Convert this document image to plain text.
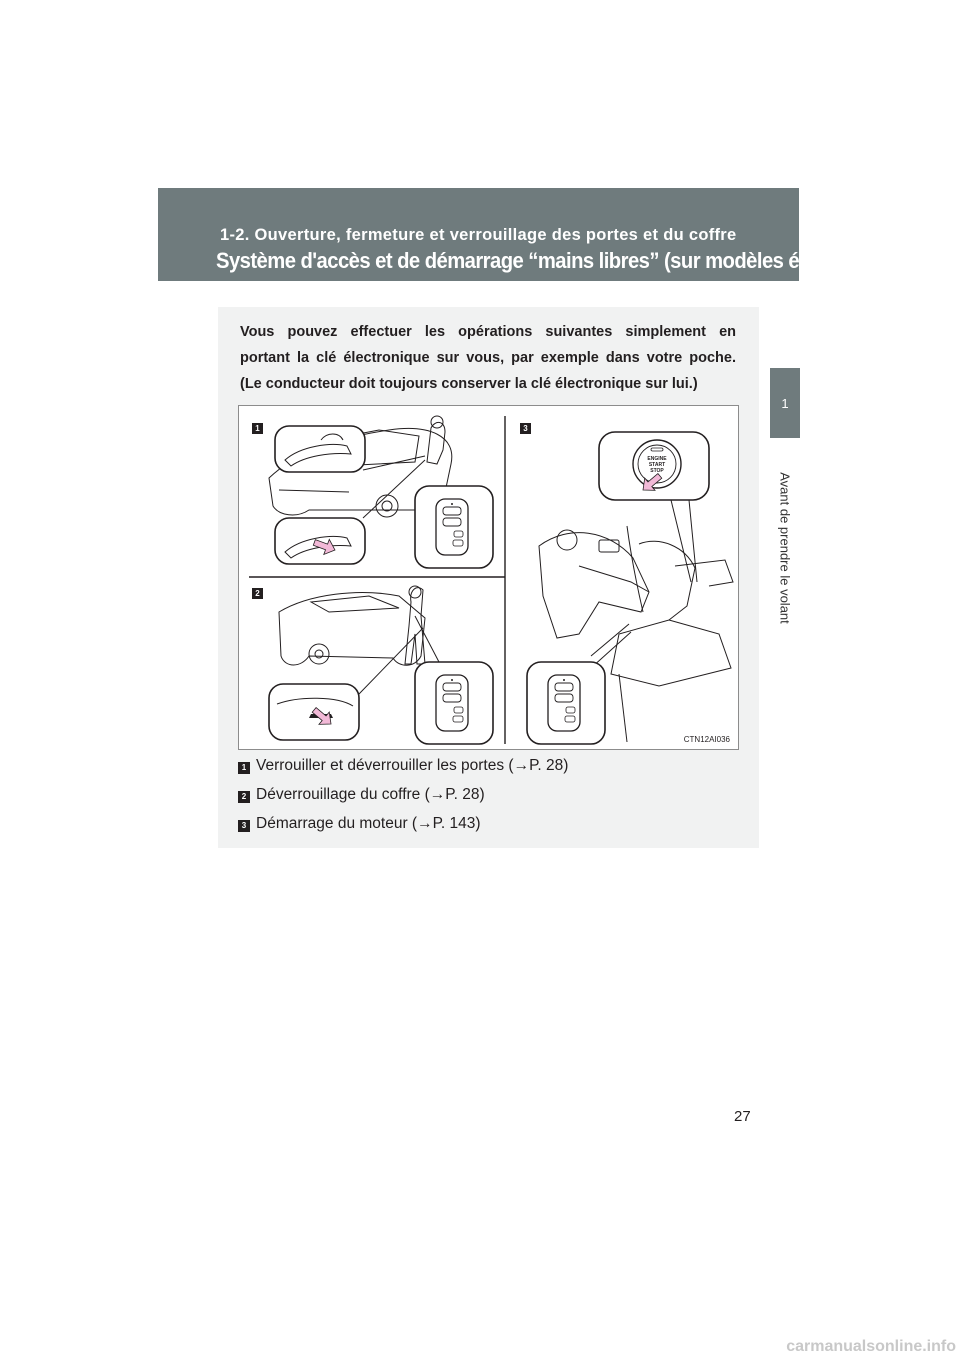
1-2. Ouverture, fermeture et verrouillage des portes et du coffre
Système d'accès et de démarrage “mains libres” (sur modèles équipés)
1
Avant de prendre le volant

Vous pouvez effectuer les opérations suivantes simplement en
portant la clé électronique sur vous, par exemple dans votre poche.
(Le conducteur doit toujours conserver la clé électronique sur lui.)

ENGINE
START
STOP
1
2
3
CTN12AI036
1 Verrouiller et déverrouiller les portes (→P. 28)
2 Déverrouillage du coffre (→P. 28)
3 Démarrage du moteur (→P. 143)
27
carmanualsonline.info
